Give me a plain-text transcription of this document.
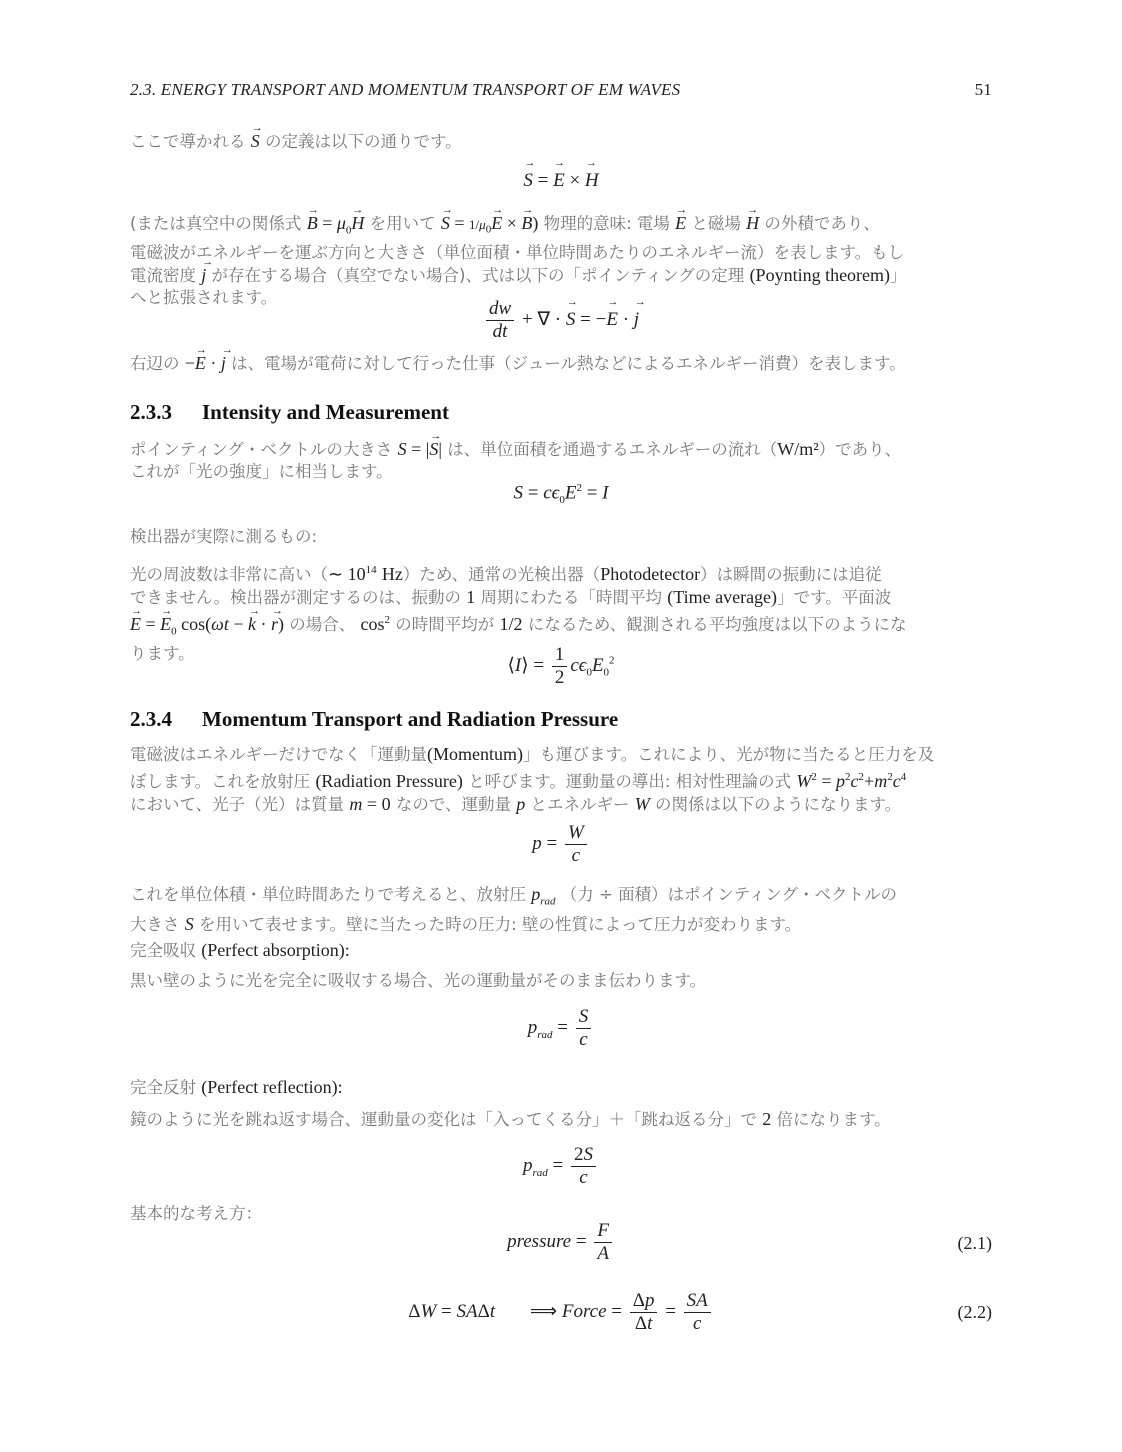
2.3. ENERGY TRANSPORT AND MOMENTUM TRANSPORT OF EM WAVES	51
ここで導かれる → S の定義は以下の通りです。
→ S = → E × → H
(または真空中の関係式 → $B = \mu_0\to H$ を用いて → $S = 1/\mu_0\to E$ × → B) 物理的意味: 電場 → E と磁場 → H の外積であり、
電磁波がエネルギーを運ぶ方向と大きさ（単位面積・単位時間あたりのエネルギー流）を表します。もし
電流密度 → j が存在する場合（真空でない場合)、式は以下の「ポインティングの定理 (Poynting theorem)」
へと拡張されます。
$\frac{dw}{dt}$ + ∇ · → S = −→ E · → j
右辺の −→ E · → j は、電場が電荷に対して行った仕事（ジュール熱などによるエネルギー消費）を表します。
2.3.3 Intensity and Measurement
ポインティング・ベクトルの大きさ S = |→ S| は、単位面積を通過するエネルギーの流れ（W/m²）であり、
これが「光の強度」に相当します。
$S = c\epsilon_0E^2 = I$
検出器が実際に測るもの:
光の周波数は非常に高い（∼ $10^{14}$ Hz）ため、通常の光検出器（Photodetector）は瞬間の振動には追従
できません。検出器が測定するのは、振動の 1 周期にわたる「時間平均 (Time average)」です。平面波
→ E = → $E_0$ cos(ωt − → k · → r) の場合、 $\cos^2$ の時間平均が 1/2 になるため、観測される平均強度は以下のようにな
ります。
⟨I⟩ = $\frac{1}{2} c\epsilon_0E_0^2$
2.3.4 Momentum Transport and Radiation Pressure
電磁波はエネルギーだけでなく「運動量(Momentum)」も運びます。これにより、光が物に当たると圧力を及
ぼします。これを放射圧 (Radiation Pressure) と呼びます。運動量の導出: 相対性理論の式 $W^2 = p^2c^2+m^2c^4$
において、光子（光）は質量 m = 0 なので、運動量 p とエネルギー W の関係は以下のようになります。
$p = \frac{W}{c}$
これを単位体積・単位時間あたりで考えると、放射圧 $p_{rad}$ （力 ÷ 面積）はポインティング・ベクトルの
大きさ S を用いて表せます。壁に当たった時の圧力: 壁の性質によって圧力が変わります。
完全吸収 (Perfect absorption):
黒い壁のように光を完全に吸収する場合、光の運動量がそのまま伝わります。
$p_{rad} = \frac{S}{c}$
完全反射 (Perfect reflection):
鏡のように光を跳ね返す場合、運動量の変化は「入ってくる分」＋「跳ね返る分」で 2 倍になります。
$p_{rad} = \frac{2S}{c}$
基本的な考え方：
pressure = $\frac{F}{A}$	(2.1)
ΔW = SAΔt ⟹ Force = $\frac{\Delta p}{\Delta t} = \frac{SA}{c}$	(2.2)
